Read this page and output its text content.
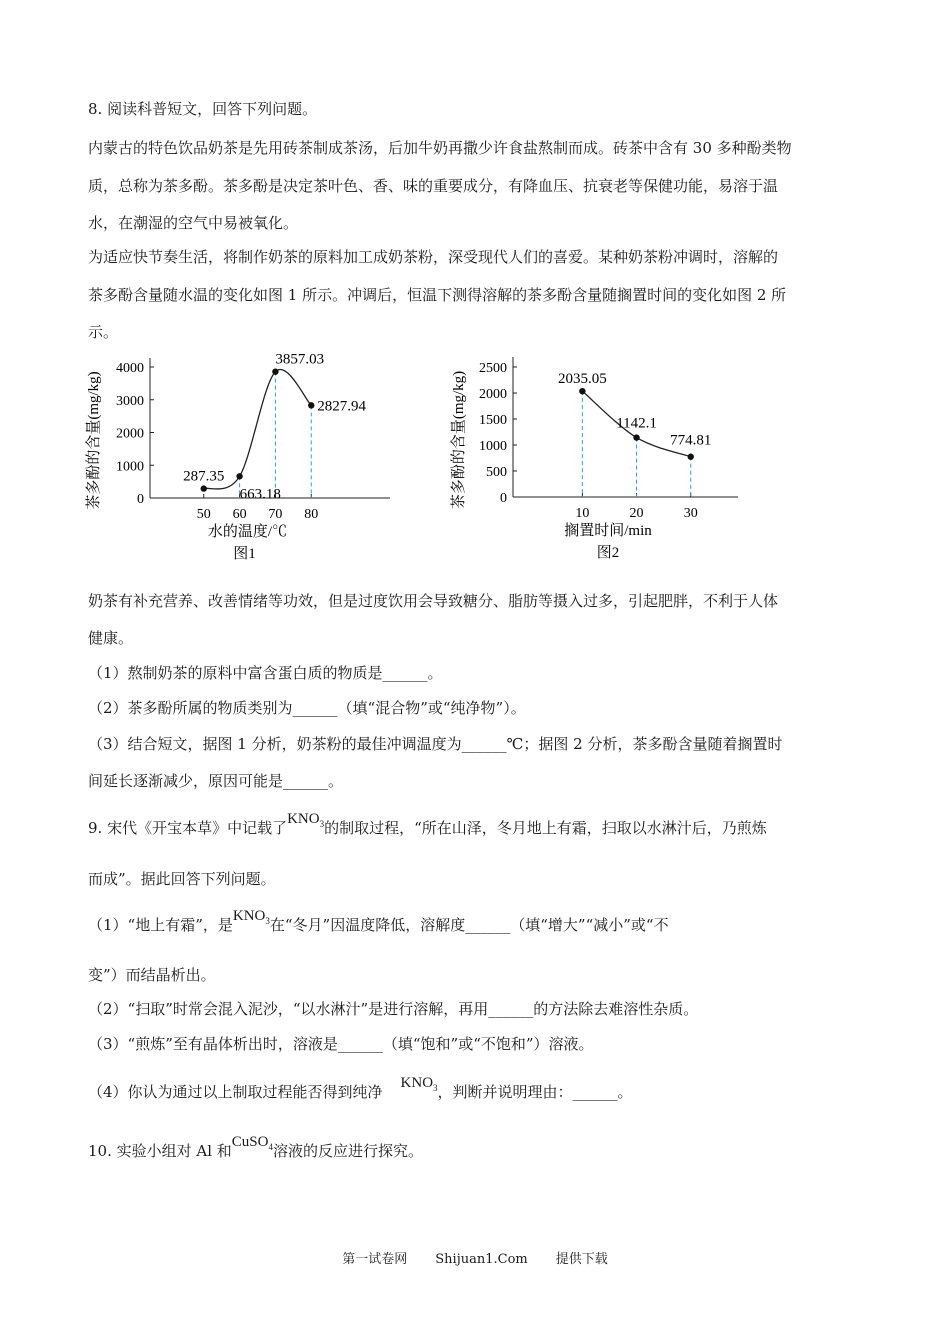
8. 阅读科普短文，回答下列问题。
内蒙古的特色饮品奶茶是先用砖茶制成茶汤，后加牛奶再撒少许食盐熬制而成。砖茶中含有 30 多种酚类物
质，总称为茶多酚。茶多酚是决定茶叶色、香、味的重要成分，有降血压、抗衰老等保健功能，易溶于温
水，在潮湿的空气中易被氧化。
为适应快节奏生活，将制作奶茶的原料加工成奶茶粉，深受现代人们的喜爱。某种奶茶粉冲调时，溶解的
茶多酚含量随水温的变化如图 1 所示。冲调后，恒温下测得溶解的茶多酚含量随搁置时间的变化如图 2 所
示。
0
1000
2000
3000
4000
50 60 70 80
287.35
663.18
3857.03
2827.94
水的温度/℃
茶多酚的含量(mg/kg)
图1
0
500
1000
1500
2000
2500
10	20	30
2035.05
1142.1
774.81
搁置时间/min
茶多酚的含量(mg/kg)
图2
奶茶有补充营养、改善情绪等功效，但是过度饮用会导致糖分、脂肪等摄入过多，引起肥胖，不利于人体
健康。
（1）熬制奶茶的原料中富含蛋白质的物质是______。
（2）茶多酚所属的物质类别为______（填“混合物”或“纯净物”）。
（3）结合短文，据图 1 分析，奶茶粉的最佳冲调温度为______℃；据图 2 分析，茶多酚含量随着搁置时
间延长逐渐减少，原因可能是______。
9. 宋代《开宝本草》中记载了$KNO_3$的制取过程，“所在山泽，冬月地上有霜，扫取以水淋汁后，乃煎炼
而成”。据此回答下列问题。
（1）“地上有霜”，是$KNO_3$在“冬月”因温度降低，溶解度______（填“增大”“减小”或“不
变”）而结晶析出。
（2）“扫取”时常会混入泥沙，“以水淋汁”是进行溶解，再用______的方法除去难溶性杂质。
（3）“煎炼”至有晶体析出时，溶液是______（填“饱和”或“不饱和”）溶液。
（4）你认为通过以上制取过程能否得到纯净 $KNO_3$，判断并说明理由：______。
10. 实验小组对 Al 和CuSO$_4$溶液的反应进行探究。
第一试卷网 Shijuan1.Com 提供下载
